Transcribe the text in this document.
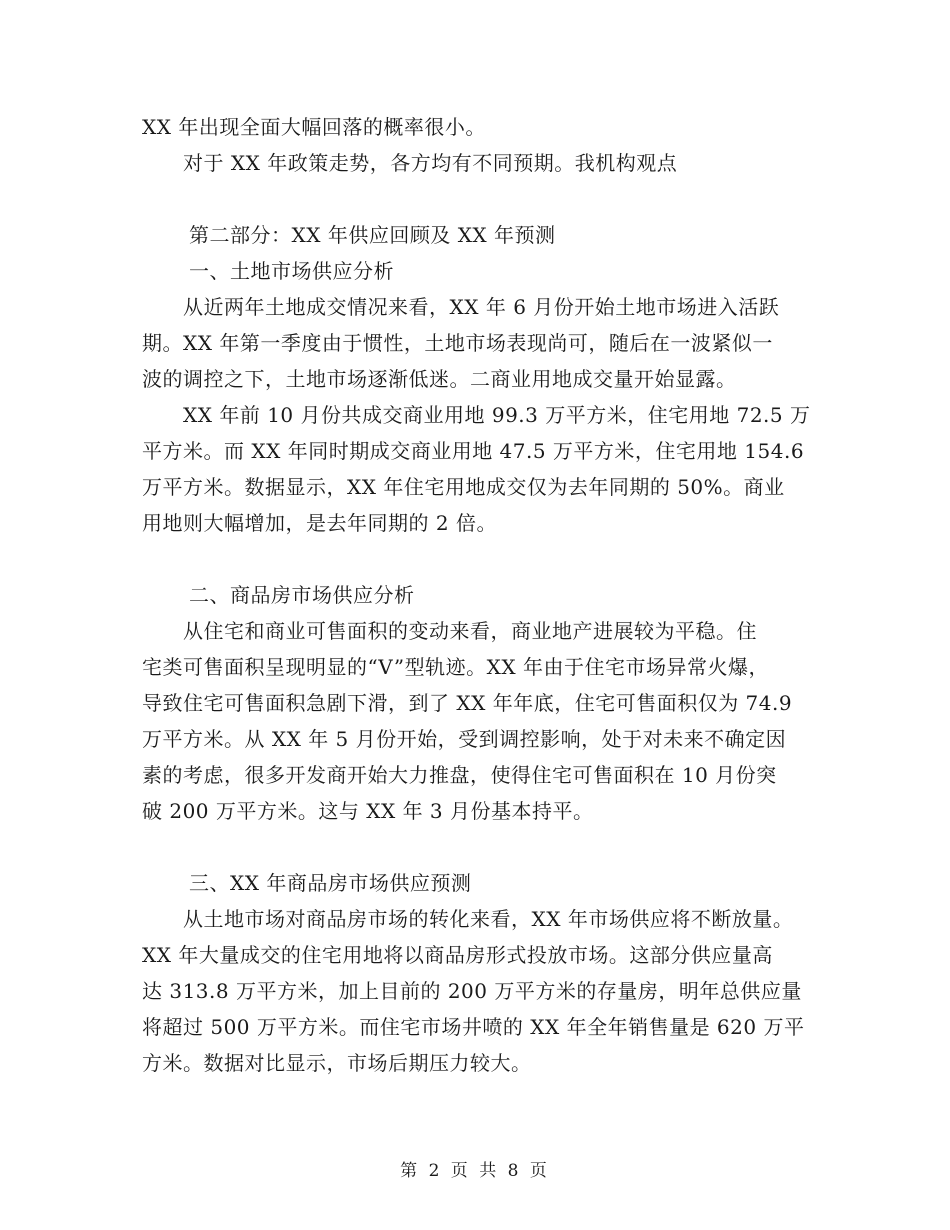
XX 年出现全面大幅回落的概率很小。
对于 XX 年政策走势，各方均有不同预期。我机构观点
第二部分：XX 年供应回顾及 XX 年预测
一、土地市场供应分析
从近两年土地成交情况来看，XX 年 6 月份开始土地市场进入活跃
期。XX 年第一季度由于惯性，土地市场表现尚可，随后在一波紧似一
波的调控之下，土地市场逐渐低迷。二商业用地成交量开始显露。
XX 年前 10 月份共成交商业用地 99.3 万平方米，住宅用地 72.5 万
平方米。而 XX 年同时期成交商业用地 47.5 万平方米，住宅用地 154.6
万平方米。数据显示，XX 年住宅用地成交仅为去年同期的 50%。商业
用地则大幅增加，是去年同期的 2 倍。
二、商品房市场供应分析
从住宅和商业可售面积的变动来看，商业地产进展较为平稳。住
宅类可售面积呈现明显的“V”型轨迹。XX 年由于住宅市场异常火爆，
导致住宅可售面积急剧下滑，到了 XX 年年底，住宅可售面积仅为 74.9
万平方米。从 XX 年 5 月份开始，受到调控影响，处于对未来不确定因
素的考虑，很多开发商开始大力推盘，使得住宅可售面积在 10 月份突
破 200 万平方米。这与 XX 年 3 月份基本持平。
三、XX 年商品房市场供应预测
从土地市场对商品房市场的转化来看，XX 年市场供应将不断放量。
XX 年大量成交的住宅用地将以商品房形式投放市场。这部分供应量高
达 313.8 万平方米，加上目前的 200 万平方米的存量房，明年总供应量
将超过 500 万平方米。而住宅市场井喷的 XX 年全年销售量是 620 万平
方米。数据对比显示，市场后期压力较大。
第 2 页 共 8 页
